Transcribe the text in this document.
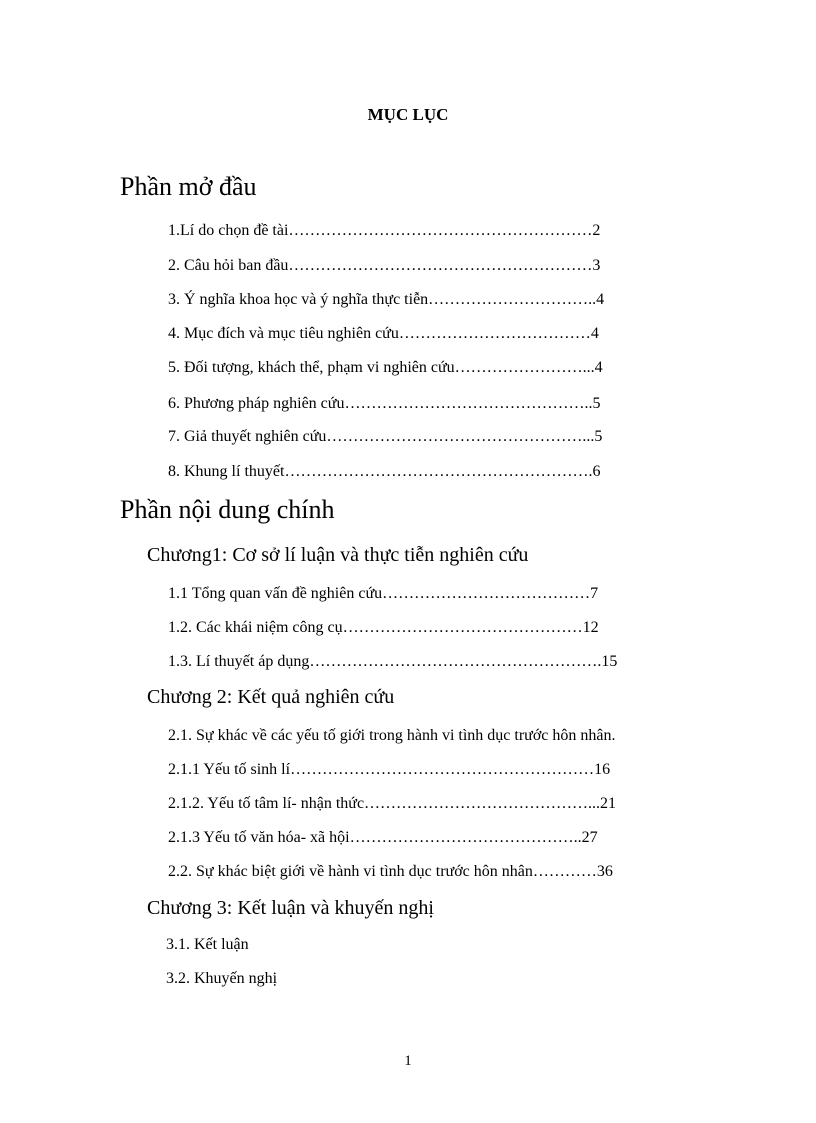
MỤC LỤC
Phần mở đầu
1.Lí do chọn đề tài…………………………………………………2
2. Câu hỏi ban đầu…………………………………………………3
3. Ý nghĩa khoa học và ý nghĩa thực tiễn…………………………..4
4. Mục đích và mục tiêu nghiên cứu………………………………4
5. Đối tượng, khách thể, phạm vi nghiên cứu……………………...4
6. Phương pháp nghiên cứu………………………………………..5
7. Giả thuyết nghiên cứu…………………………………………...5
8. Khung lí thuyết………………………………………………….6
Phần nội dung chính
Chương1: Cơ sở lí luận và thực tiễn nghiên cứu
1.1 Tổng quan vấn đề nghiên cứu…………………………………7
1.2. Các khái niệm công cụ………………………………………12
1.3. Lí thuyết áp dụng……………………………………………….15
Chương 2: Kết quả nghiên cứu
2.1. Sự khác về các yếu tố giới trong hành vi tình dục trước hôn nhân.
2.1.1 Yếu tố sinh lí…………………………………………………16
2.1.2. Yếu tố tâm lí- nhận thức……………………………………...21
2.1.3 Yếu tố văn hóa- xã hội……………………………………..27
2.2. Sự khác biệt giới về hành vi tình dục trước hôn nhân…………36
Chương 3: Kết luận và khuyến nghị
3.1. Kết luận
3.2. Khuyến nghị
1
